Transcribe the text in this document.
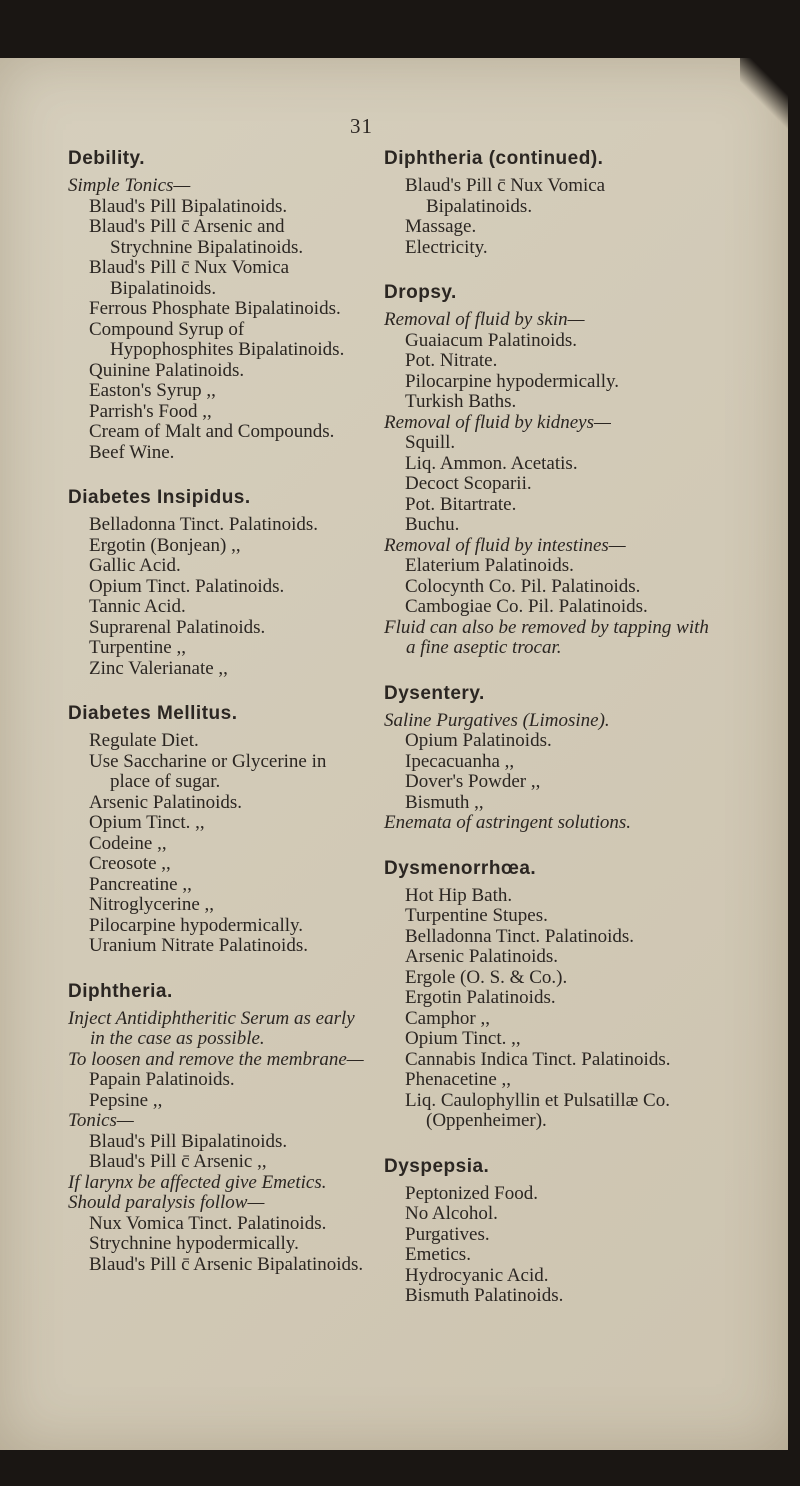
31
Debility.
Simple Tonics—
Blaud's Pill Bipalatinoids.
Blaud's Pill c̄ Arsenic and Strychnine Bipalatinoids.
Blaud's Pill c̄ Nux Vomica Bipalatinoids.
Ferrous Phosphate Bipalatinoids.
Compound Syrup of Hypophosphites Bipalatinoids.
Quinine Palatinoids.
Easton's Syrup ,,
Parrish's Food ,,
Cream of Malt and Compounds.
Beef Wine.
Diabetes Insipidus.
Belladonna Tinct. Palatinoids.
Ergotin (Bonjean) ,,
Gallic Acid.
Opium Tinct. Palatinoids.
Tannic Acid.
Suprarenal Palatinoids.
Turpentine ,,
Zinc Valerianate ,,
Diabetes Mellitus.
Regulate Diet.
Use Saccharine or Glycerine in place of sugar.
Arsenic Palatinoids.
Opium Tinct. ,,
Codeine ,,
Creosote ,,
Pancreatine ,,
Nitroglycerine ,,
Pilocarpine hypodermically.
Uranium Nitrate Palatinoids.
Diphtheria.
Inject Antidiphtheritic Serum as early in the case as possible.
To loosen and remove the membrane—
Papain Palatinoids.
Pepsine ,,
Tonics—
Blaud's Pill Bipalatinoids.
Blaud's Pill c̄ Arsenic ,,
If larynx be affected give Emetics.
Should paralysis follow—
Nux Vomica Tinct. Palatinoids.
Strychnine hypodermically.
Blaud's Pill c̄ Arsenic Bipalatinoids.
Diphtheria (continued).
Blaud's Pill c̄ Nux Vomica Bipalatinoids.
Massage.
Electricity.
Dropsy.
Removal of fluid by skin—
Guaiacum Palatinoids.
Pot. Nitrate.
Pilocarpine hypodermically.
Turkish Baths.
Removal of fluid by kidneys—
Squill.
Liq. Ammon. Acetatis.
Decoct Scoparii.
Pot. Bitartrate.
Buchu.
Removal of fluid by intestines—
Elaterium Palatinoids.
Colocynth Co. Pil. Palatinoids.
Cambogiae Co. Pil. Palatinoids.
Fluid can also be removed by tapping with a fine aseptic trocar.
Dysentery.
Saline Purgatives (Limosine).
Opium Palatinoids.
Ipecacuanha ,,
Dover's Powder ,,
Bismuth ,,
Enemata of astringent solutions.
Dysmenorrhœa.
Hot Hip Bath.
Turpentine Stupes.
Belladonna Tinct. Palatinoids.
Arsenic Palatinoids.
Ergole (O. S. & Co.).
Ergotin Palatinoids.
Camphor ,,
Opium Tinct. ,,
Cannabis Indica Tinct. Palatinoids.
Phenacetine ,,
Liq. Caulophyllin et Pulsatillæ Co. (Oppenheimer).
Dyspepsia.
Peptonized Food.
No Alcohol.
Purgatives.
Emetics.
Hydrocyanic Acid.
Bismuth Palatinoids.
